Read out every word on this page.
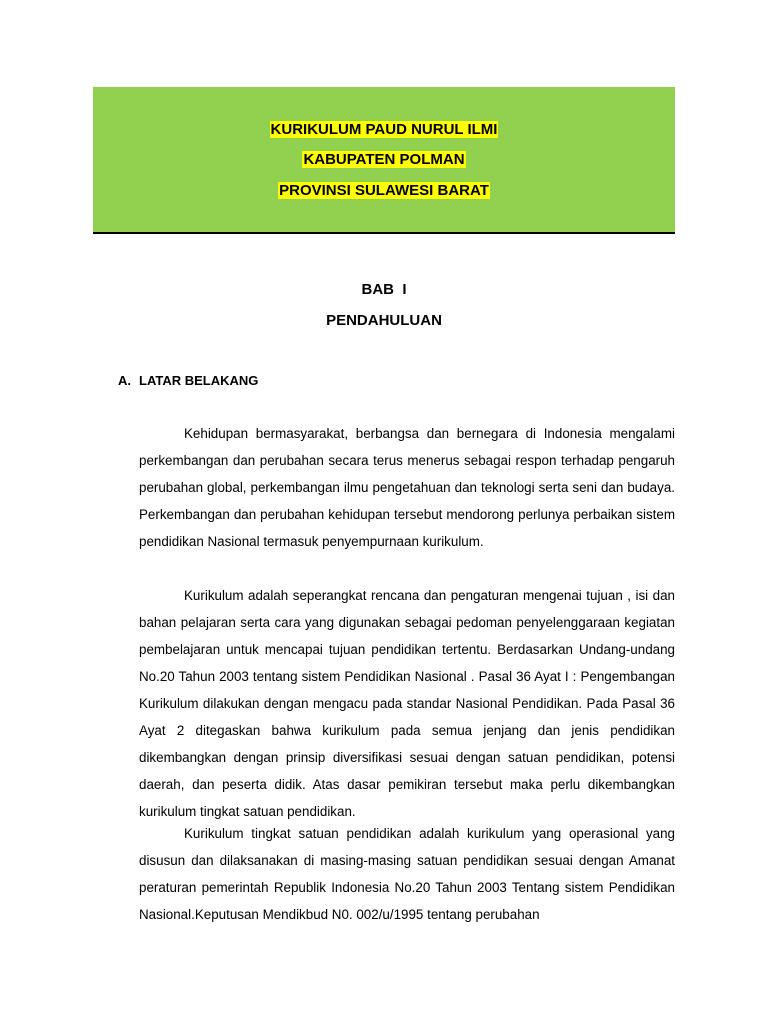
KURIKULUM PAUD NURUL ILMI
KABUPATEN POLMAN
PROVINSI SULAWESI BARAT
BAB  I
PENDAHULUAN
A. LATAR BELAKANG

Kehidupan bermasyarakat, berbangsa dan bernegara di Indonesia mengalami perkembangan dan perubahan secara terus menerus sebagai respon terhadap pengaruh perubahan global, perkembangan ilmu pengetahuan dan teknologi serta seni dan budaya. Perkembangan dan perubahan kehidupan tersebut mendorong perlunya perbaikan sistem pendidikan Nasional termasuk penyempurnaan kurikulum.

Kurikulum adalah seperangkat rencana dan pengaturan mengenai tujuan , isi dan bahan pelajaran serta cara yang digunakan sebagai pedoman penyelenggaraan kegiatan pembelajaran untuk mencapai tujuan pendidikan tertentu. Berdasarkan Undang-undang No.20 Tahun 2003 tentang sistem Pendidikan Nasional . Pasal 36 Ayat I : Pengembangan Kurikulum dilakukan dengan mengacu pada standar Nasional Pendidikan. Pada Pasal 36 Ayat 2 ditegaskan bahwa kurikulum pada semua jenjang dan jenis pendidikan dikembangkan dengan prinsip diversifikasi sesuai dengan satuan pendidikan, potensi daerah, dan peserta didik. Atas dasar pemikiran tersebut maka perlu dikembangkan kurikulum tingkat satuan pendidikan.

Kurikulum tingkat satuan pendidikan adalah kurikulum yang operasional yang disusun dan dilaksanakan di masing-masing satuan pendidikan sesuai dengan Amanat peraturan pemerintah Republik Indonesia No.20 Tahun 2003 Tentang sistem Pendidikan Nasional.Keputusan Mendikbud N0. 002/u/1995 tentang perubahan
